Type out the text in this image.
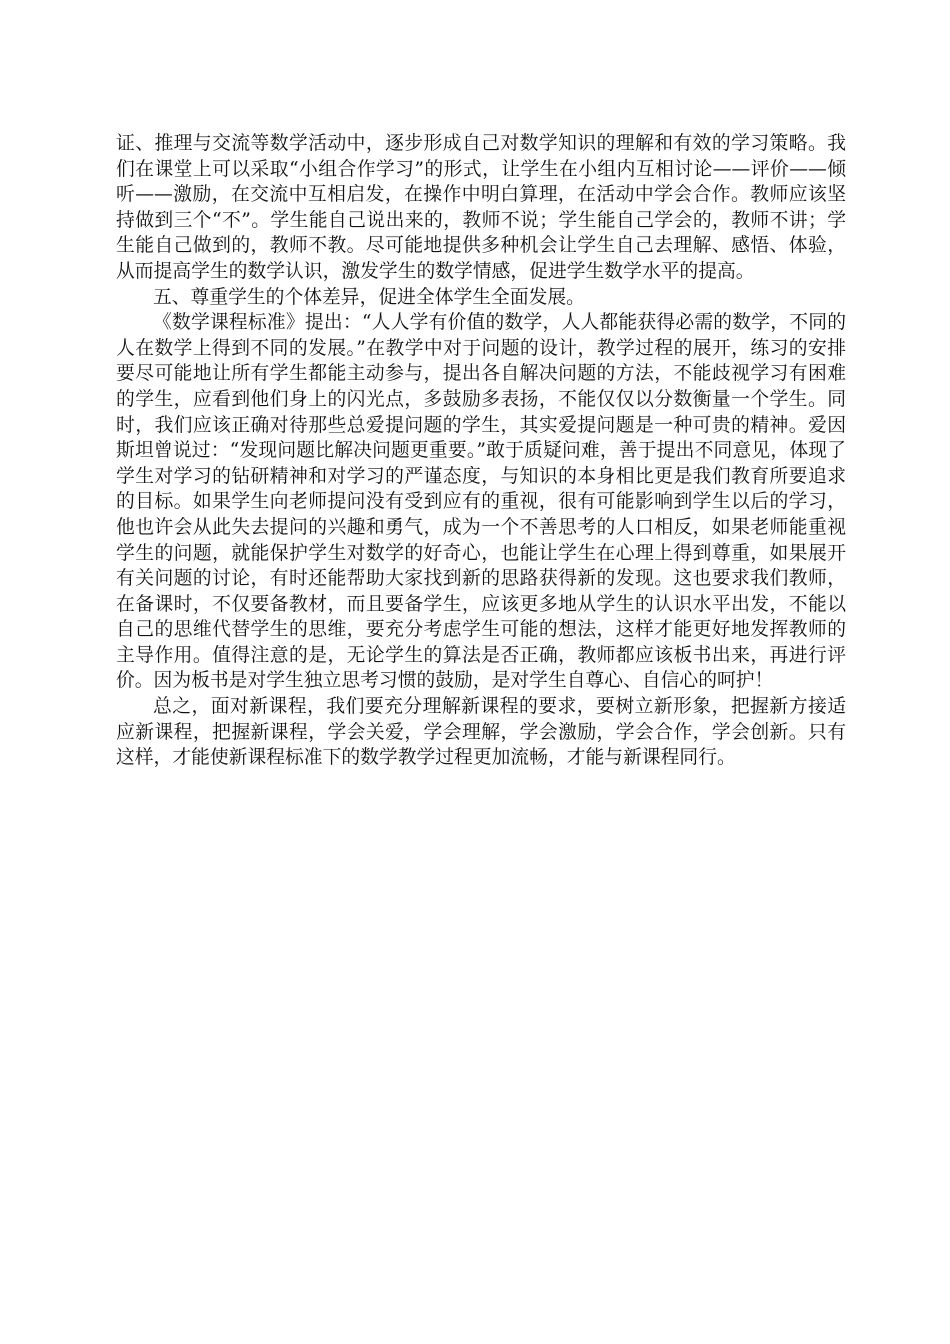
证、推理与交流等数学活动中，逐步形成自己对数学知识的理解和有效的学习策略。我们在课堂上可以采取“小组合作学习”的形式，让学生在小组内互相讨论——评价——倾听——激励，在交流中互相启发，在操作中明白算理，在活动中学会合作。教师应该坚持做到三个“不”。学生能自己说出来的，教师不说；学生能自己学会的，教师不讲；学生能自己做到的，教师不教。尽可能地提供多种机会让学生自己去理解、感悟、体验，从而提高学生的数学认识，激发学生的数学情感，促进学生数学水平的提高。

五、尊重学生的个体差异，促进全体学生全面发展。

《数学课程标准》提出：“人人学有价值的数学，人人都能获得必需的数学，不同的人在数学上得到不同的发展。”在教学中对于问题的设计，教学过程的展开，练习的安排要尽可能地让所有学生都能主动参与，提出各自解决问题的方法，不能歧视学习有困难的学生，应看到他们身上的闪光点，多鼓励多表扬，不能仅仅以分数衡量一个学生。同时，我们应该正确对待那些总爱提问题的学生，其实爱提问题是一种可贵的精神。爱因斯坦曾说过：“发现问题比解决问题更重要。”敢于质疑问难，善于提出不同意见，体现了学生对学习的钻研精神和对学习的严谨态度，与知识的本身相比更是我们教育所要追求的目标。如果学生向老师提问没有受到应有的重视，很有可能影响到学生以后的学习，他也许会从此失去提问的兴趣和勇气，成为一个不善思考的人口相反，如果老师能重视学生的问题，就能保护学生对数学的好奇心，也能让学生在心理上得到尊重，如果展开有关问题的讨论，有时还能帮助大家找到新的思路获得新的发现。这也要求我们教师，在备课时，不仅要备教材，而且要备学生，应该更多地从学生的认识水平出发，不能以自己的思维代替学生的思维，要充分考虑学生可能的想法，这样才能更好地发挥教师的主导作用。值得注意的是，无论学生的算法是否正确，教师都应该板书出来，再进行评价。因为板书是对学生独立思考习惯的鼓励，是对学生自尊心、自信心的呵护！

总之，面对新课程，我们要充分理解新课程的要求，要树立新形象，把握新方接适应新课程，把握新课程，学会关爱，学会理解，学会激励，学会合作，学会创新。只有这样，才能使新课程标准下的数学教学过程更加流畅，才能与新课程同行。
